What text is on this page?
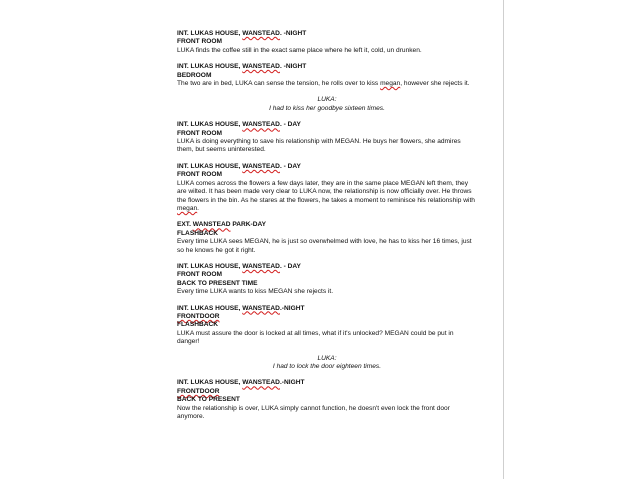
INT. LUKAS HOUSE, WANSTEAD. -NIGHT
FRONT ROOM
LUKA finds the coffee still in the exact same place where he left it, cold, un drunken.
INT. LUKAS HOUSE, WANSTEAD. -NIGHT
BEDROOM
The two are in bed, LUKA can sense the tension, he rolls over to kiss megan, however she rejects it.
LUKA:
I had to kiss her goodbye sixteen times.
INT. LUKAS HOUSE, WANSTEAD. - DAY
FRONT ROOM
LUKA is doing everything to save his relationship with MEGAN. He buys her flowers, she admires them, but seems uninterested.
INT. LUKAS HOUSE, WANSTEAD. - DAY
FRONT ROOM
LUKA comes across the flowers a few days later, they are in the same place MEGAN left them, they are wilted. It has been made very clear to LUKA now, the relationship is now officially over. He throws the flowers in the bin. As he stares at the flowers, he takes a moment to reminisce his relationship with megan.
EXT. WANSTEAD PARK-DAY
FLASHBACK
Every time LUKA sees MEGAN, he is just so overwhelmed with love, he has to kiss her 16 times, just so he knows he got it right.
INT. LUKAS HOUSE, WANSTEAD. - DAY
FRONT ROOM
BACK TO PRESENT TIME
Every time LUKA wants to kiss MEGAN she rejects it.
INT. LUKAS HOUSE, WANSTEAD.-NIGHT
FRONTDOOR
FLASHBACK
LUKA must assure the door is locked at all times, what if it's unlocked? MEGAN could be put in danger!
LUKA:
I had to lock the door eighteen times.
INT. LUKAS HOUSE, WANSTEAD.-NIGHT
FRONTDOOR
BACK TO PRESENT
Now the relationship is over, LUKA simply cannot function, he doesn't even lock the front door anymore.
